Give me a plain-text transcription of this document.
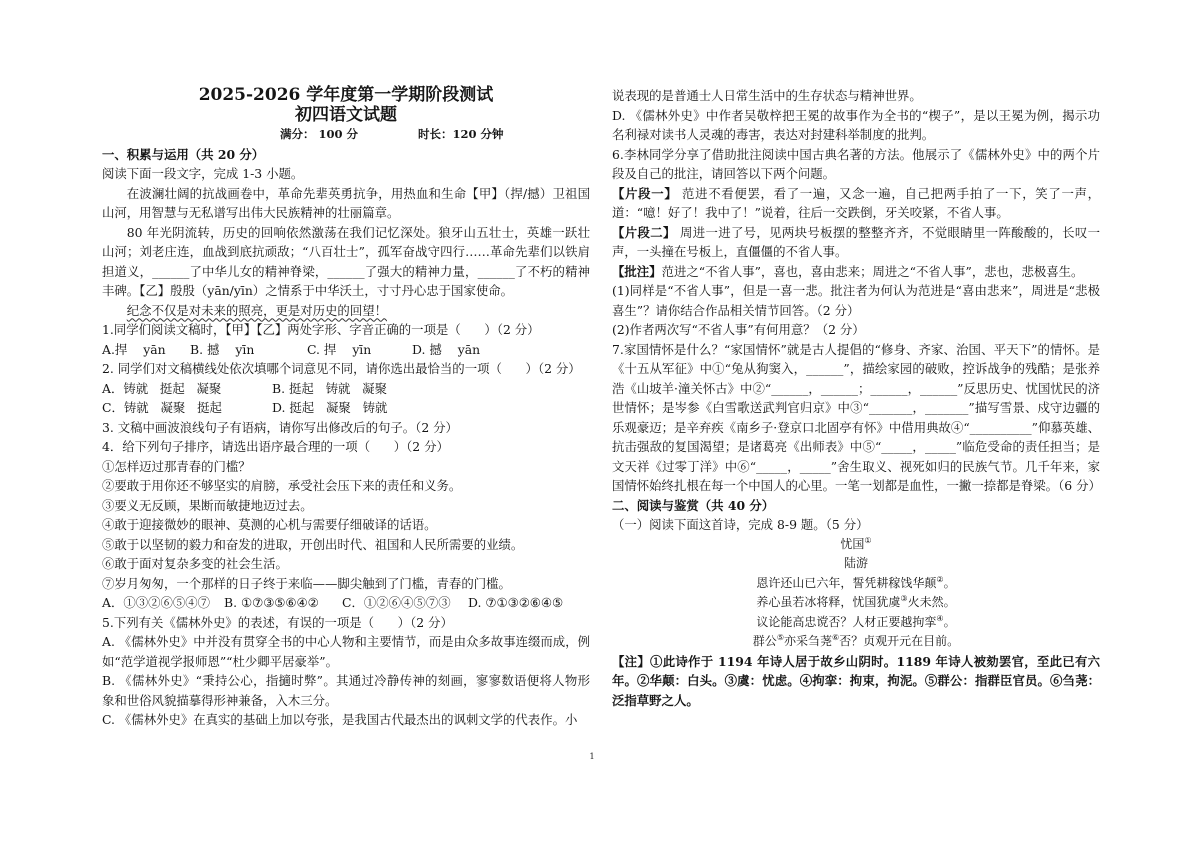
2025-2026 学年度第一学期阶段测试
初四语文试题
满分： 100 分	时长：120 分钟
一、积累与运用（共 20 分）
阅读下面一段文字，完成 1-3 小题。
在波澜壮阔的抗战画卷中，革命先辈英勇抗争，用热血和生命【甲】（捍/撼）卫祖国山河，用智慧与无私谱写出伟大民族精神的壮丽篇章。
80 年光阴流转，历史的回响依然激荡在我们记忆深处。狼牙山五壮士，英雄一跃壮山河；刘老庄连，血战到底抗顽敌；“八百壮士”，孤军奋战守四行……革命先辈们以铁肩担道义，______了中华儿女的精神脊梁，______了强大的精神力量，______了不朽的精神丰碑。【乙】殷殷（yān/yīn）之情系于中华沃土，寸寸丹心忠于国家使命。
纪念不仅是对未来的照亮，更是对历史的回望！
1.同学们阅读文稿时，【甲】【乙】两处字形、字音正确的一项是（      ）（2 分）
A.捍 yān	B. 撼 yīn	C. 捍 yīn	D. 撼 yān
2. 同学们对文稿横线处依次填哪个词意见不同，请你选出最恰当的一项（      ）（2 分）
A．铸就   挺起   凝聚	B. 挺起   铸就   凝聚
C．铸就   凝聚   挺起	D. 挺起   凝聚   铸就
3. 文稿中画波浪线句子有语病，请你写出修改后的句子。（2 分）
4．给下列句子排序，请选出语序最合理的一项（      ）（2 分）
①怎样迈过那青春的门槛？
②要敢于用你还不够坚实的肩膀，承受社会压下来的责任和义务。
③要义无反顾，果断而敏捷地迈过去。
④敢于迎接微妙的眼神、莫测的心机与需要仔细破译的话语。
⑤敢于以坚韧的毅力和奋发的进取，开创出时代、祖国和人民所需要的业绩。
⑥敢于面对复杂多变的社会生活。
⑦岁月匆匆，一个那样的日子终于来临——脚尖触到了门槛，青春的门槛。
A．①③②⑥⑤④⑦	B. ①⑦③⑤⑥④②	C．①②⑥④⑤⑦③	D. ⑦①③②⑥④⑤
5.下列有关《儒林外史》的表述，有误的一项是（      ）（2 分）
A. 《儒林外史》中并没有贯穿全书的中心人物和主要情节，而是由众多故事连缀而成，例如“范学道视学报师恩”“杜少卿平居豪举”。
B. 《儒林外史》“秉持公心，指擿时弊”。其通过冷静传神的刻画，寥寥数语便将人物形象和世俗风貌描摹得形神兼备，入木三分。
C. 《儒林外史》在真实的基础上加以夸张，是我国古代最杰出的讽刺文学的代表作。小
说表现的是普通士人日常生活中的生存状态与精神世界。
D. 《儒林外史》中作者吴敬梓把王冕的故事作为全书的“楔子”，是以王冕为例，揭示功名利禄对读书人灵魂的毒害，表达对封建科举制度的批判。
6.李林同学分享了借助批注阅读中国古典名著的方法。他展示了《儒林外史》中的两个片段及自己的批注，请回答以下两个问题。
【片段一】 范进不看便罢，看了一遍，又念一遍，自己把两手拍了一下，笑了一声，道：“噫！好了！我中了！”说着，往后一交跌倒，牙关咬紧，不省人事。
【片段二】 周进一进了号，见两块号板摆的整整齐齐，不觉眼睛里一阵酸酸的，长叹一声，一头撞在号板上，直僵僵的不省人事。
【批注】范进之“不省人事”，喜也，喜由悲来；周进之“不省人事”，悲也，悲极喜生。
(1)同样是“不省人事”，但是一喜一悲。批注者为何认为范进是“喜由悲来”，周进是“悲极喜生”？请你结合作品相关情节回答。（2 分）
(2)作者两次写“不省人事”有何用意？（2 分）
7.家国情怀是什么？“家国情怀”就是古人提倡的“修身、齐家、治国、平天下”的情怀。是《十五从军征》中①“兔从狗窦入，______”，描绘家园的破败，控诉战争的残酷；是张养浩《山坡羊·潼关怀古》中②“______，______；______，______”反思历史、忧国忧民的济世情怀；是岑参《白雪歌送武判官归京》中③“_______，_______”描写雪景、戍守边疆的乐观豪迈；是辛弃疾《南乡子·登京口北固亭有怀》中借用典故④“__________”仰慕英雄、抗击强敌的复国渴望；是诸葛亮《出师表》中⑤“_____，_____”临危受命的责任担当；是文天祥《过零丁洋》中⑥“_____，_____”舍生取义、视死如归的民族气节。几千年来，家国情怀始终扎根在每一个中国人的心里。一笔一划都是血性，一撇一捺都是脊梁。（6 分）
二、阅读与鉴赏（共 40 分）
（一）阅读下面这首诗，完成 8-9 题。（5 分）
忧国①
陆游
恩许还山已六年，誓凭耕稼饯华颠②。
养心虽若冰将释，忧国犹虞③火未然。
议论能高忠谠否？人材正要越拘挛④。
群公⑤亦采刍荛⑥否？贞观开元在目前。
【注】①此诗作于 1194 年诗人居于故乡山阴时。1189 年诗人被劾罢官，至此已有六年。②华颠：白头。③虞：忧虑。④拘挛：拘束，拘泥。⑤群公：指群臣官员。⑥刍荛：泛指草野之人。
1
